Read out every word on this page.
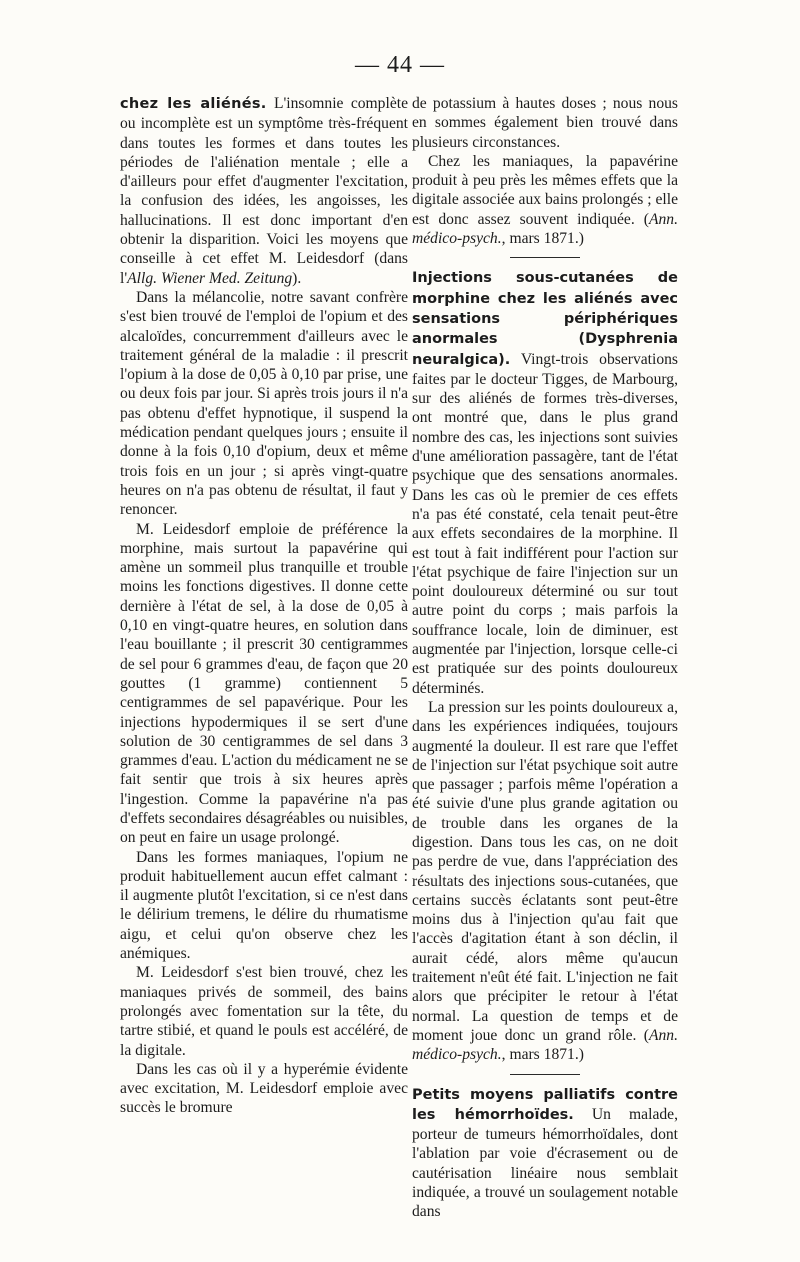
— 44 —

chez les aliénés. L'insomnie complète ou incomplète est un symptôme très-fréquent dans toutes les formes et dans toutes les périodes de l'aliénation mentale ; elle a d'ailleurs pour effet d'augmenter l'excitation, la confusion des idées, les angoisses, les hallucinations. Il est donc important d'en obtenir la disparition. Voici les moyens que conseille à cet effet M. Leidesdorf (dans l'Allg. Wiener Med. Zeitung).

Dans la mélancolie, notre savant confrère s'est bien trouvé de l'emploi de l'opium et des alcaloïdes, concurremment d'ailleurs avec le traitement général de la maladie : il prescrit l'opium à la dose de 0,05 à 0,10 par prise, une ou deux fois par jour. Si après trois jours il n'a pas obtenu d'effet hypnotique, il suspend la médication pendant quelques jours ; ensuite il donne à la fois 0,10 d'opium, deux et même trois fois en un jour ; si après vingt-quatre heures on n'a pas obtenu de résultat, il faut y renoncer.

M. Leidesdorf emploie de préférence la morphine, mais surtout la papavérine qui amène un sommeil plus tranquille et trouble moins les fonctions digestives. Il donne cette dernière à l'état de sel, à la dose de 0,05 à 0,10 en vingt-quatre heures, en solution dans l'eau bouillante ; il prescrit 30 centigrammes de sel pour 6 grammes d'eau, de façon que 20 gouttes (1 gramme) contiennent 5 centigrammes de sel papavérique. Pour les injections hypodermiques il se sert d'une solution de 30 centigrammes de sel dans 3 grammes d'eau. L'action du médicament ne se fait sentir que trois à six heures après l'ingestion. Comme la papavérine n'a pas d'effets secondaires désagréables ou nuisibles, on peut en faire un usage prolongé.

Dans les formes maniaques, l'opium ne produit habituellement aucun effet calmant : il augmente plutôt l'excitation, si ce n'est dans le délirium tremens, le délire du rhumatisme aigu, et celui qu'on observe chez les anémiques.

M. Leidesdorf s'est bien trouvé, chez les maniaques privés de sommeil, des bains prolongés avec fomentation sur la tête, du tartre stibié, et quand le pouls est accéléré, de la digitale.

Dans les cas où il y a hyperémie évidente avec excitation, M. Leidesdorf emploie avec succès le bromure

de potassium à hautes doses ; nous nous en sommes également bien trouvé dans plusieurs circonstances.

Chez les maniaques, la papavérine produit à peu près les mêmes effets que la digitale associée aux bains prolongés ; elle est donc assez souvent indiquée. (Ann. médico-psych., mars 1871.)

Injections sous-cutanées de morphine chez les aliénés avec sensations périphériques anormales (Dysphrenia neuralgica). Vingt-trois observations faites par le docteur Tigges, de Marbourg, sur des aliénés de formes très-diverses, ont montré que, dans le plus grand nombre des cas, les injections sont suivies d'une amélioration passagère, tant de l'état psychique que des sensations anormales. Dans les cas où le premier de ces effets n'a pas été constaté, cela tenait peut-être aux effets secondaires de la morphine. Il est tout à fait indifférent pour l'action sur l'état psychique de faire l'injection sur un point douloureux déterminé ou sur tout autre point du corps ; mais parfois la souffrance locale, loin de diminuer, est augmentée par l'injection, lorsque celle-ci est pratiquée sur des points douloureux déterminés.

La pression sur les points douloureux a, dans les expériences indiquées, toujours augmenté la douleur. Il est rare que l'effet de l'injection sur l'état psychique soit autre que passager ; parfois même l'opération a été suivie d'une plus grande agitation ou de trouble dans les organes de la digestion. Dans tous les cas, on ne doit pas perdre de vue, dans l'appréciation des résultats des injections sous-cutanées, que certains succès éclatants sont peut-être moins dus à l'injection qu'au fait que l'accès d'agitation étant à son déclin, il aurait cédé, alors même qu'aucun traitement n'eût été fait. L'injection ne fait alors que précipiter le retour à l'état normal. La question de temps et de moment joue donc un grand rôle. (Ann. médico-psych., mars 1871.)

Petits moyens palliatifs contre les hémorrhoïdes. Un malade, porteur de tumeurs hémorrhoïdales, dont l'ablation par voie d'écrasement ou de cautérisation linéaire nous semblait indiquée, a trouvé un soulagement notable dans
